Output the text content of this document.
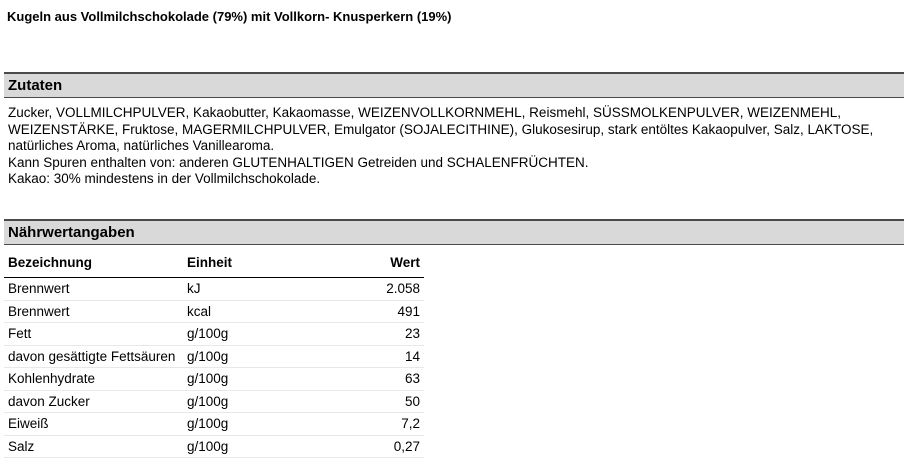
Kugeln aus Vollmilchschokolade (79%) mit Vollkorn- Knusperkern (19%)
Zutaten

Zucker, VOLLMILCHPULVER, Kakaobutter, Kakaomasse, WEIZENVOLLKORNMEHL, Reismehl, SÜSSMOLKENPULVER, WEIZENMEHL, WEIZENSTÄRKE, Fruktose, MAGERMILCHPULVER, Emulgator (SOJALECITHINE), Glukosesirup, stark entöltes Kakaopulver, Salz, LAKTOSE, natürliches Aroma, natürliches Vanillearoma.

Kann Spuren enthalten von: anderen GLUTENHALTIGEN Getreiden und SCHALENFRÜCHTEN.

Kakao: 30% mindestens in der Vollmilchschokolade.

Nährwertangaben
Bezeichnung	Einheit	Wert
Brennwert	kJ	2.058
Brennwert	kcal	491
Fett	g/100g	23
davon gesättigte Fettsäuren	g/100g	14
Kohlenhydrate	g/100g	63
davon Zucker	g/100g	50
Eiweiß	g/100g	7,2
Salz	g/100g	0,27
